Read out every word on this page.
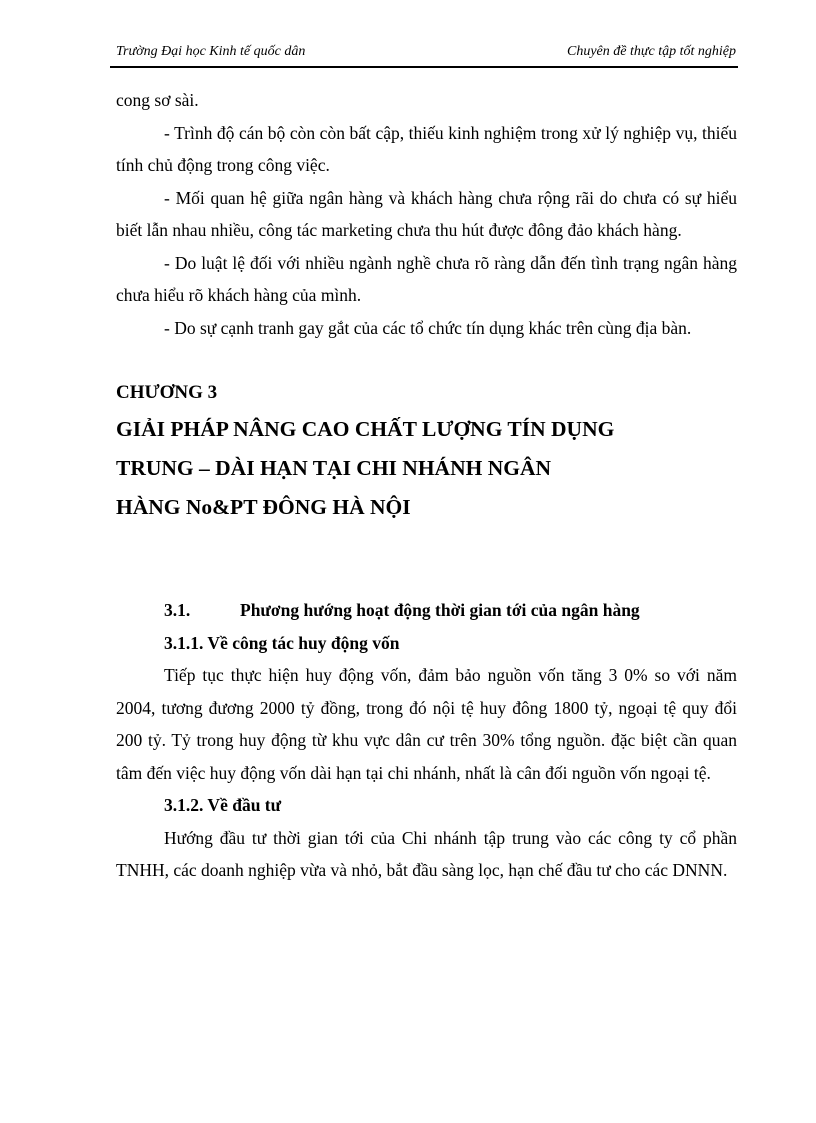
Trường Đại học Kinh tế quốc dân	Chuyên đề thực tập tốt nghiệp

cong sơ sài.

- Trình độ cán bộ còn còn bất cập, thiếu kinh nghiệm trong xử lý nghiệp vụ, thiếu tính chủ động trong công việc.

- Mối quan hệ giữa ngân hàng và khách hàng chưa rộng rãi do chưa có sự hiểu biết lẫn nhau nhiều, công tác marketing chưa thu hút được đông đảo khách hàng.

- Do luật lệ đối với nhiều ngành nghề chưa rõ ràng dẫn đến tình trạng ngân hàng chưa hiểu rõ khách hàng của mình.

- Do sự cạnh tranh gay gắt của các tổ chức tín dụng khác trên cùng địa bàn.

CHƯƠNG 3

GIẢI PHÁP NÂNG CAO CHẤT LƯỢNG TÍN DỤNG

TRUNG – DÀI HẠN TẠI CHI NHÁNH NGÂN

HÀNG No&PT ĐÔNG HÀ NỘI

3.1.	Phương hướng hoạt động thời gian tới của ngân hàng

3.1.1. Về công tác huy động vốn

Tiếp tục thực hiện huy động vốn, đảm bảo nguồn vốn tăng 3 0% so với năm 2004, tương đương 2000 tỷ đồng, trong đó nội tệ huy đông 1800 tỷ, ngoại tệ quy đổi 200 tỷ. Tỷ trong huy động từ khu vực dân cư trên 30% tổng nguồn. đặc biệt cần quan tâm đến việc huy động vốn dài hạn tại chi nhánh, nhất là cân đối nguồn vốn ngoại tệ.

3.1.2. Về đầu tư

Hướng đầu tư thời gian tới của Chi nhánh tập trung vào các công ty cổ phần TNHH, các doanh nghiệp vừa và nhỏ, bắt đầu sàng lọc, hạn chế đầu tư cho các DNNN.
